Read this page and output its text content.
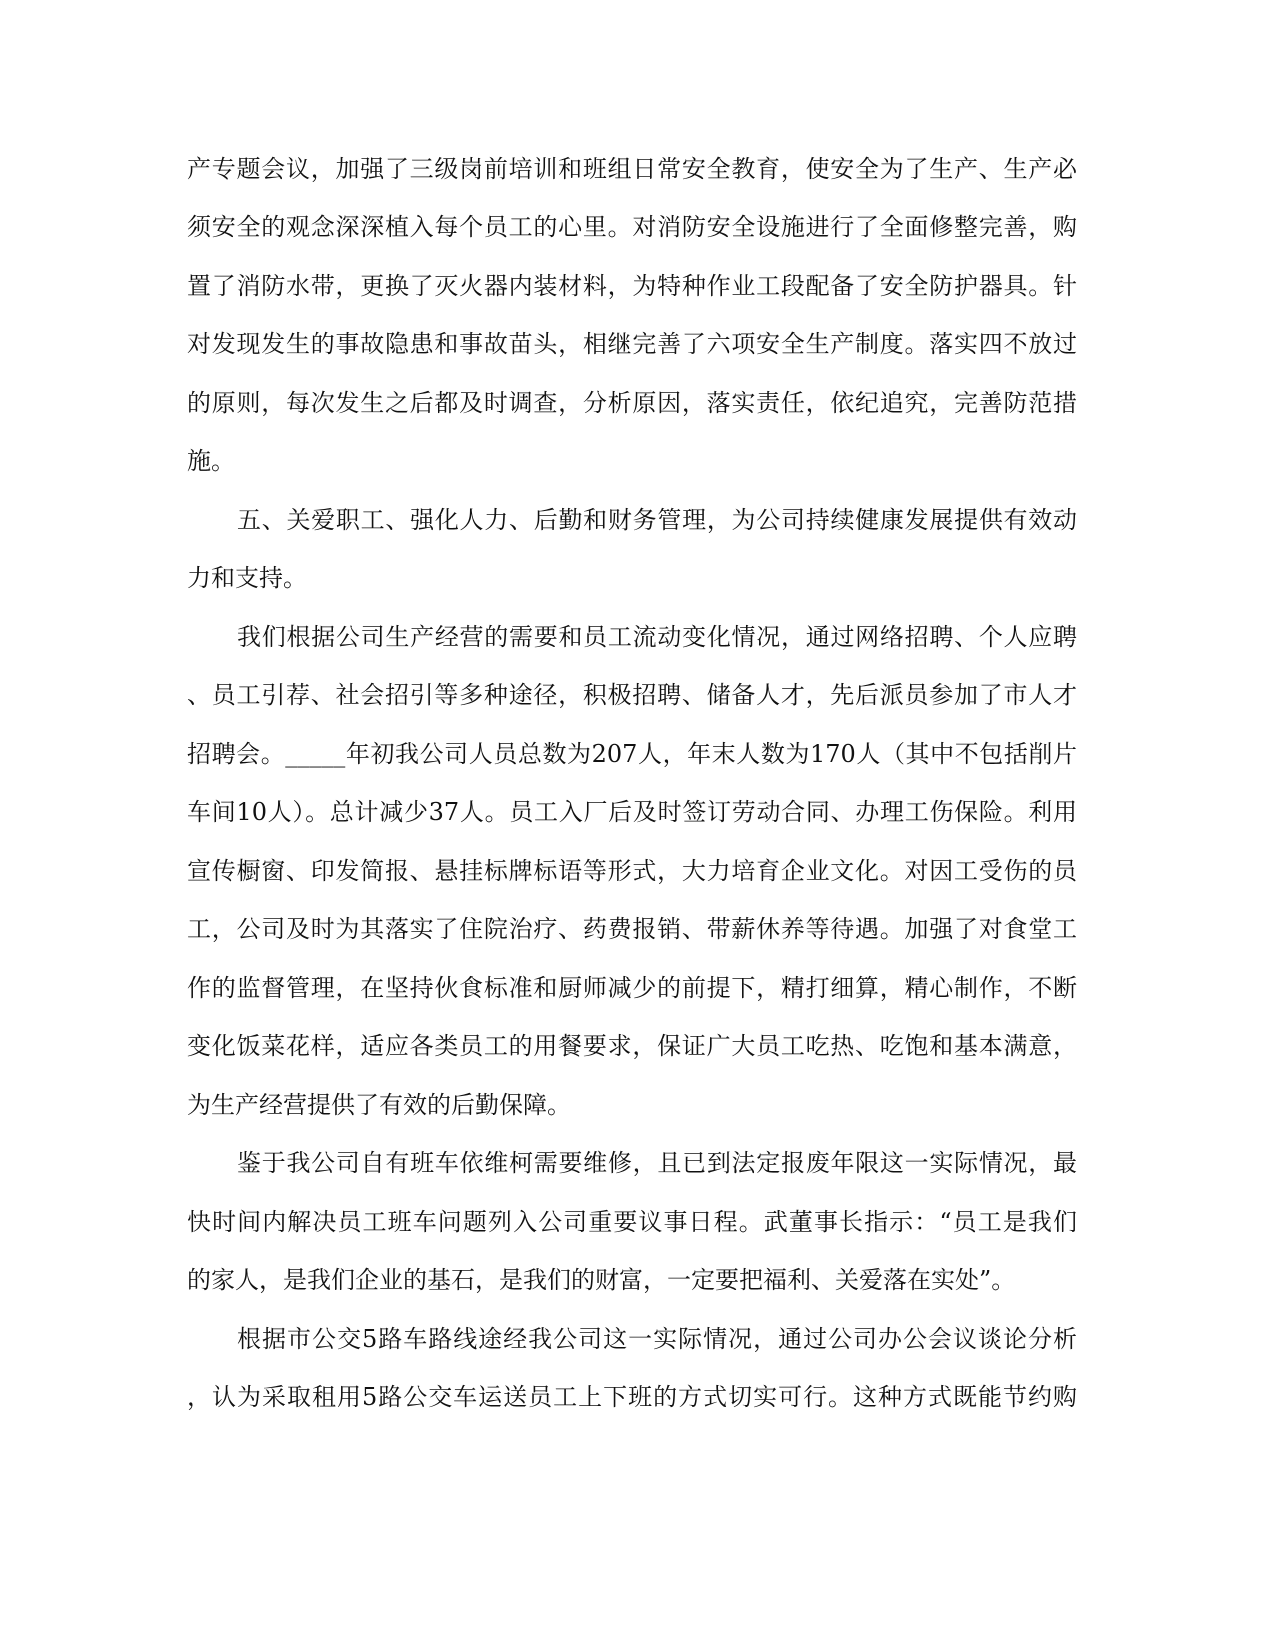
产专题会议，加强了三级岗前培训和班组日常安全教育，使安全为了生产、生产必
须安全的观念深深植入每个员工的心里。对消防安全设施进行了全面修整完善，购
置了消防水带，更换了灭火器内装材料，为特种作业工段配备了安全防护器具。针
对发现发生的事故隐患和事故苗头，相继完善了六项安全生产制度。落实四不放过
的原则，每次发生之后都及时调查，分析原因，落实责任，依纪追究，完善防范措
施。
五、关爱职工、强化人力、后勤和财务管理，为公司持续健康发展提供有效动
力和支持。
我们根据公司生产经营的需要和员工流动变化情况，通过网络招聘、个人应聘
、员工引荐、社会招引等多种途径，积极招聘、储备人才，先后派员参加了市人才
招聘会。_____年初我公司人员总数为207人，年末人数为170人（其中不包括削片
车间10人）。总计减少37人。员工入厂后及时签订劳动合同、办理工伤保险。利用
宣传橱窗、印发简报、悬挂标牌标语等形式，大力培育企业文化。对因工受伤的员
工，公司及时为其落实了住院治疗、药费报销、带薪休养等待遇。加强了对食堂工
作的监督管理，在坚持伙食标准和厨师减少的前提下，精打细算，精心制作，不断
变化饭菜花样，适应各类员工的用餐要求，保证广大员工吃热、吃饱和基本满意，
为生产经营提供了有效的后勤保障。
鉴于我公司自有班车依维柯需要维修，且已到法定报废年限这一实际情况，最
快时间内解决员工班车问题列入公司重要议事日程。武董事长指示：“员工是我们
的家人，是我们企业的基石，是我们的财富，一定要把福利、关爱落在实处”。
根据市公交5路车路线途经我公司这一实际情况，通过公司办公会议谈论分析
，认为采取租用5路公交车运送员工上下班的方式切实可行。这种方式既能节约购
